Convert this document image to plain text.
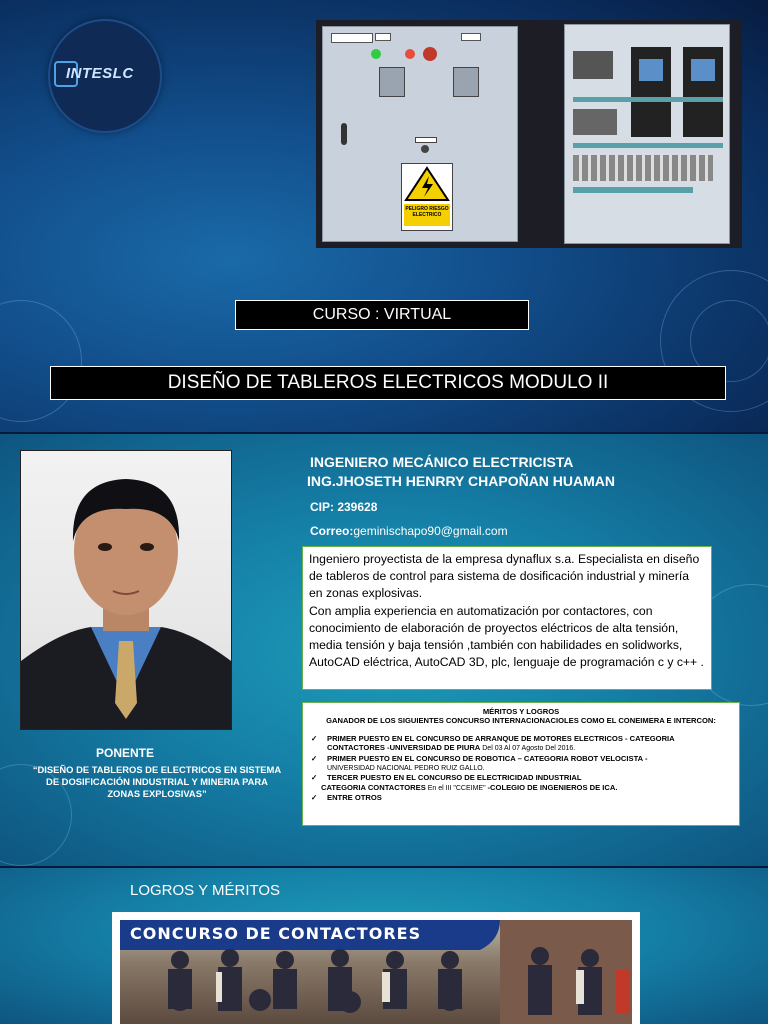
INTESLC
PELIGRO RIESGO ELECTRICO
CURSO : VIRTUAL
DISEÑO DE TABLEROS ELECTRICOS MODULO II
INGENIERO MECÁNICO ELECTRICISTA
ING.JHOSETH HENRRY CHAPOÑAN HUAMAN
CIP: 239628
Correo:geminischapo90@gmail.com
Ingeniero proyectista de la empresa dynaflux s.a. Especialista en diseño de tableros de control para sistema de dosificación industrial y minería en zonas explosivas.
Con amplia experiencia en automatización por contactores, con conocimiento de elaboración de proyectos eléctricos de alta tensión, media tensión y baja tensión ,también con habilidades en solidworks, AutoCAD eléctrica, AutoCAD 3D, plc, lenguaje de programación c y c++ .
MÉRITOS Y LOGROS
GANADOR DE LOS SIGUIENTES CONCURSO INTERNACIONACIOLES COMO EL CONEIMERA E INTERCON:
✓ PRIMER PUESTO EN EL CONCURSO DE ARRANQUE DE MOTORES ELECTRICOS - CATEGORIA CONTACTORES -UNIVERSIDAD DE PIURA Del 03 Al 07 Agosto Del 2016.
✓ PRIMER PUESTO EN EL CONCURSO DE ROBOTICA – CATEGORIA ROBOT VELOCISTA -
UNIVERSIDAD NACIONAL PEDRO RUIZ GALLO.
✓ TERCER PUESTO EN EL CONCURSO DE ELECTRICIDAD INDUSTRIAL
CATEGORIA CONTACTORES En el III "CCEIME" -COLEGIO DE INGENIEROS DE ICA.
✓ ENTRE OTROS
PONENTE
“DISEÑO DE TABLEROS DE ELECTRICOS EN SISTEMA DE DOSIFICACIÓN INDUSTRIAL Y MINERIA PARA ZONAS EXPLOSIVAS”
LOGROS Y MÉRITOS
CONCURSO DE CONTACTORES
